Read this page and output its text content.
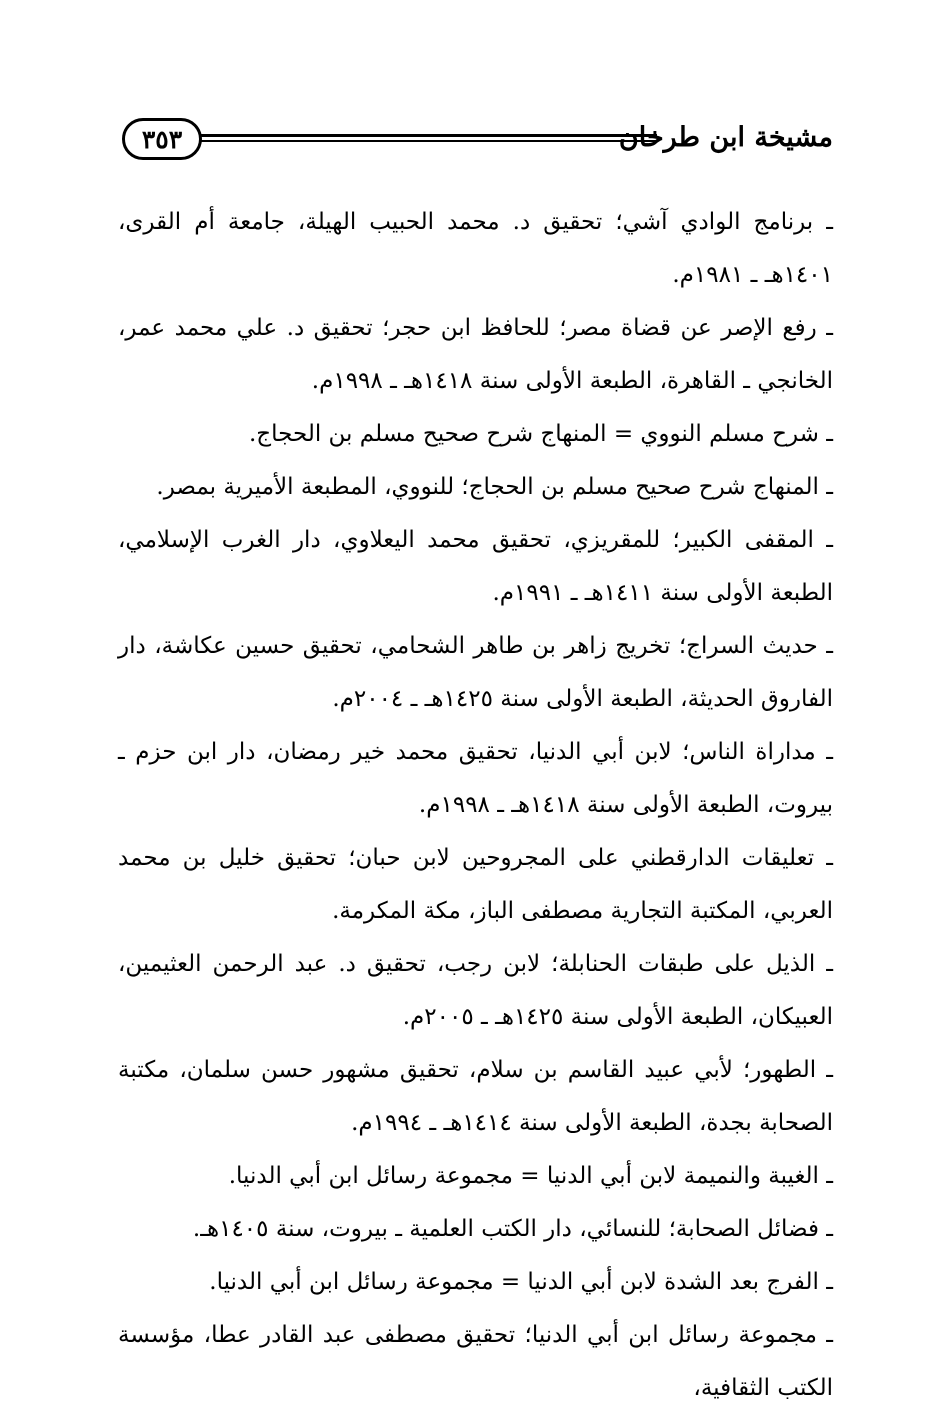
مشيخة ابن طرخان
٣٥٣

ـ برنامج الوادي آشي؛ تحقيق د. محمد الحبيب الهيلة، جامعة أم القرى، ١٤٠١هـ ـ ١٩٨١م.

ـ رفع الإصر عن قضاة مصر؛ للحافظ ابن حجر؛ تحقيق د. علي محمد عمر، الخانجي ـ القاهرة، الطبعة الأولى سنة ١٤١٨هـ ـ ١٩٩٨م.

ـ شرح مسلم النووي = المنهاج شرح صحيح مسلم بن الحجاج.

ـ المنهاج شرح صحيح مسلم بن الحجاج؛ للنووي، المطبعة الأميرية بمصر.

ـ المقفى الكبير؛ للمقريزي، تحقيق محمد اليعلاوي، دار الغرب الإسلامي، الطبعة الأولى سنة ١٤١١هـ ـ ١٩٩١م.

ـ حديث السراج؛ تخريج زاهر بن طاهر الشحامي، تحقيق حسين عكاشة، دار الفاروق الحديثة، الطبعة الأولى سنة ١٤٢٥هـ ـ ٢٠٠٤م.

ـ مداراة الناس؛ لابن أبي الدنيا، تحقيق محمد خير رمضان، دار ابن حزم ـ بيروت، الطبعة الأولى سنة ١٤١٨هـ ـ ١٩٩٨م.

ـ تعليقات الدارقطني على المجروحين لابن حبان؛ تحقيق خليل بن محمد العربي، المكتبة التجارية مصطفى الباز، مكة المكرمة.

ـ الذيل على طبقات الحنابلة؛ لابن رجب، تحقيق د. عبد الرحمن العثيمين، العبيكان، الطبعة الأولى سنة ١٤٢٥هـ ـ ٢٠٠٥م.

ـ الطهور؛ لأبي عبيد القاسم بن سلام، تحقيق مشهور حسن سلمان، مكتبة الصحابة بجدة، الطبعة الأولى سنة ١٤١٤هـ ـ ١٩٩٤م.

ـ الغيبة والنميمة لابن أبي الدنيا = مجموعة رسائل ابن أبي الدنيا.

ـ فضائل الصحابة؛ للنسائي، دار الكتب العلمية ـ بيروت، سنة ١٤٠٥هـ.

ـ الفرج بعد الشدة لابن أبي الدنيا = مجموعة رسائل ابن أبي الدنيا.

ـ مجموعة رسائل ابن أبي الدنيا؛ تحقيق مصطفى عبد القادر عطا، مؤسسة الكتب الثقافية،
